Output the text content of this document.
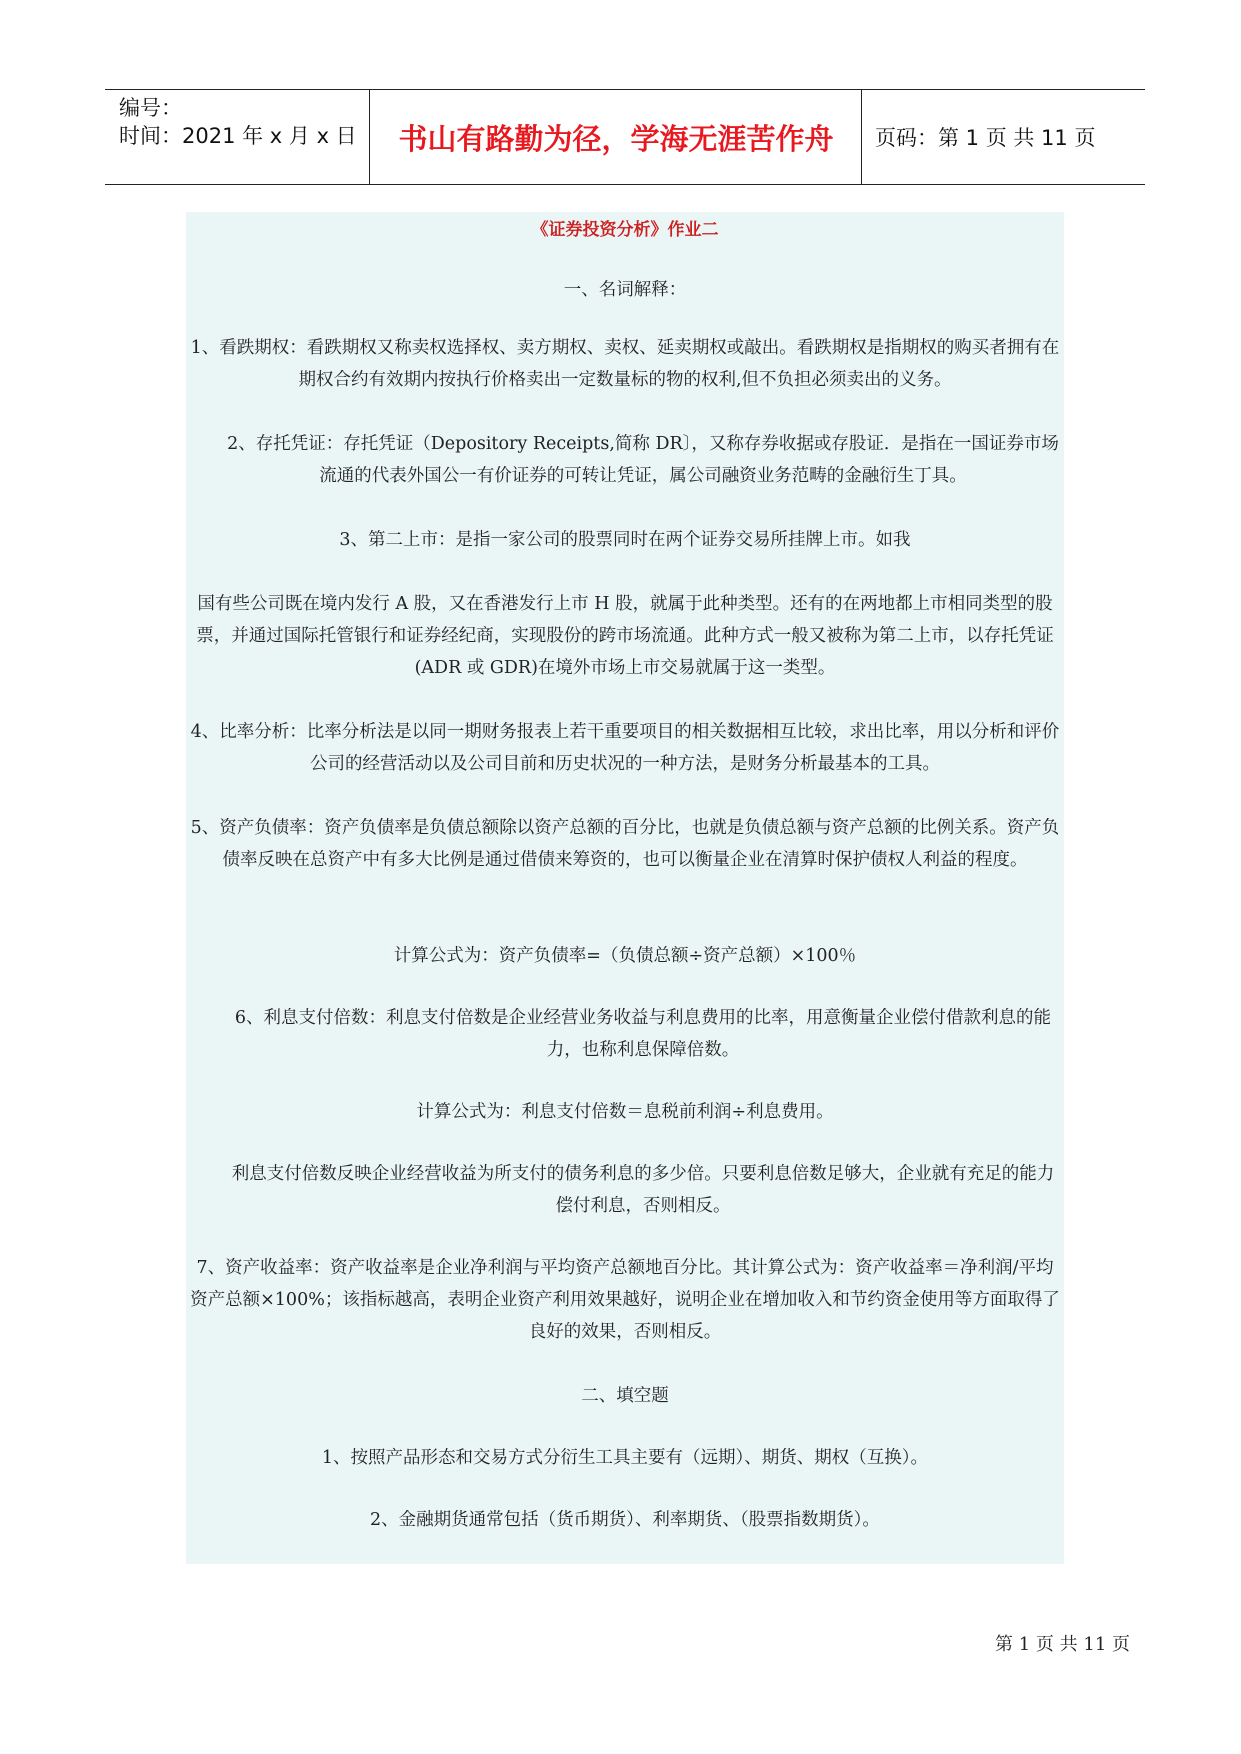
编号：
时间：2021 年 x 月 x 日	书山有路勤为径，学海无涯苦作舟	页码：第 1 页 共 11 页
《证券投资分析》作业二
一、名词解释：
1、看跌期权：看跌期权又称卖权选择权、卖方期权、卖权、延卖期权或敲出。看跌期权是指期权的购买者拥有在期权合约有效期内按执行价格卖出一定数量标的物的权利,但不负担必须卖出的义务。
2、存托凭证：存托凭证（Depository Receipts,简称 DR〕，又称存券收据或存股证．是指在一国证券市场流通的代表外国公一有价证券的可转让凭证，属公司融资业务范畴的金融衍生丁具。
3、第二上市：是指一家公司的股票同时在两个证券交易所挂牌上市。如我
国有些公司既在境内发行 A 股，又在香港发行上市 H 股，就属于此种类型。还有的在两地都上市相同类型的股票，并通过国际托管银行和证券经纪商，实现股份的跨市场流通。此种方式一般又被称为第二上市，以存托凭证(ADR 或 GDR)在境外市场上市交易就属于这一类型。
4、比率分析：比率分析法是以同一期财务报表上若干重要项目的相关数据相互比较，求出比率，用以分析和评价公司的经营活动以及公司目前和历史状况的一种方法，是财务分析最基本的工具。
5、资产负债率：资产负债率是负债总额除以资产总额的百分比，也就是负债总额与资产总额的比例关系。资产负债率反映在总资产中有多大比例是通过借债来筹资的，也可以衡量企业在清算时保护债权人利益的程度。
计算公式为：资产负债率=（负债总额÷资产总额）×100％
6、利息支付倍数：利息支付倍数是企业经营业务收益与利息费用的比率，用意衡量企业偿付借款利息的能力，也称利息保障倍数。
计算公式为：利息支付倍数＝息税前利润÷利息费用。
利息支付倍数反映企业经营收益为所支付的债务利息的多少倍。只要利息倍数足够大，企业就有充足的能力偿付利息，否则相反。
7、资产收益率：资产收益率是企业净利润与平均资产总额地百分比。其计算公式为：资产收益率＝净利润/平均资产总额×100%；该指标越高，表明企业资产利用效果越好，说明企业在增加收入和节约资金使用等方面取得了良好的效果，否则相反。
二、填空题
1、按照产品形态和交易方式分衍生工具主要有（远期）、期货、期权（互换）。
2、金融期货通常包括（货币期货）、利率期货、（股票指数期货）。
第 1 页 共 11 页
